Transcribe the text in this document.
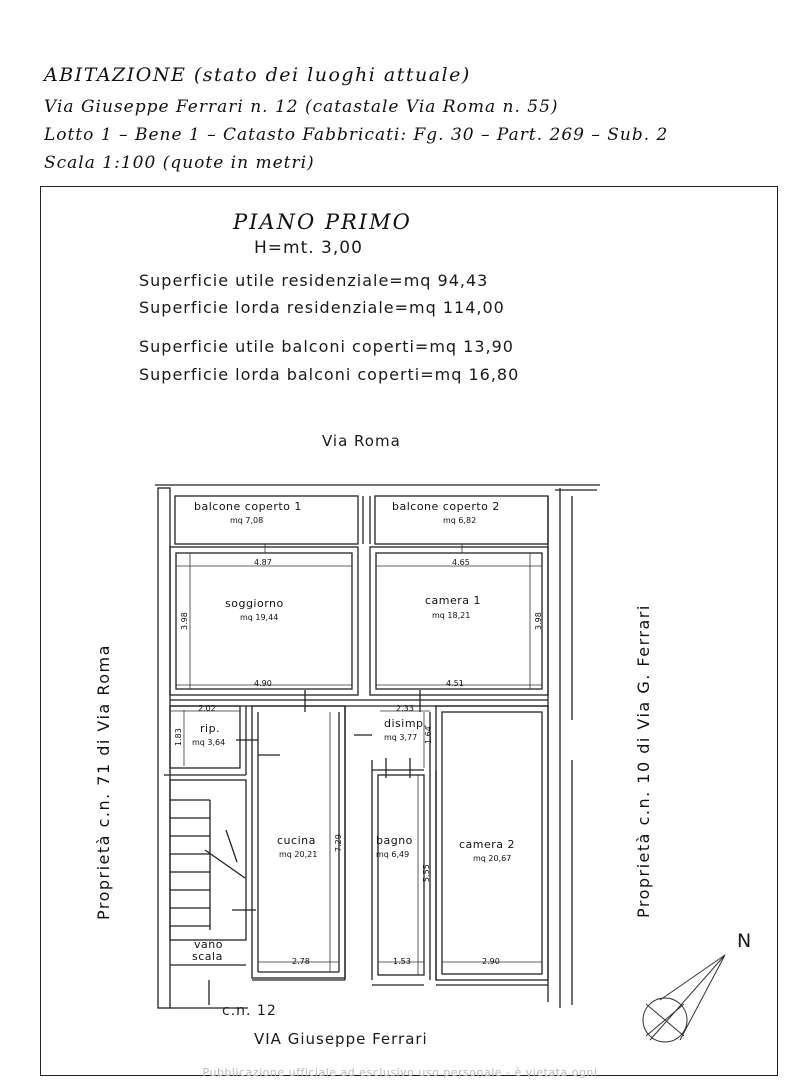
ABITAZIONE (stato dei luoghi attuale)
Via Giuseppe Ferrari n. 12 (catastale Via Roma n. 55)
Lotto 1 – Bene 1 – Catasto Fabbricati: Fg. 30 – Part. 269 – Sub. 2
Scala 1:100 (quote in metri)
PIANO PRIMO
H=mt. 3,00
Superficie utile residenziale=mq 94,43
Superficie lorda residenziale=mq 114,00
Superficie utile balconi coperti=mq 13,90
Superficie lorda balconi coperti=mq 16,80
Via Roma
VIA Giuseppe Ferrari
c.n. 12
Proprietà c.n. 71 di Via Roma	Proprietà c.n. 10 di Via G. Ferrari
balcone coperto 1
mq 7,08
balcone coperto 2
mq 6,82
soggiorno
mq 19,44
camera 1
mq 18,21
rip.
mq 3,64
disimp.
mq 3,77
cucina
mq 20,21
bagno
mq 6,49
camera 2
mq 20,67
vano
scala
4.87	4.65
3.98	3.98
4.90	4.51
2.02	2.33
1.83	1.64
7.29
5.55
2.78	1.53	2.90
N
Pubblicazione ufficiale ad esclusivo uso personale - è vietata ogni
